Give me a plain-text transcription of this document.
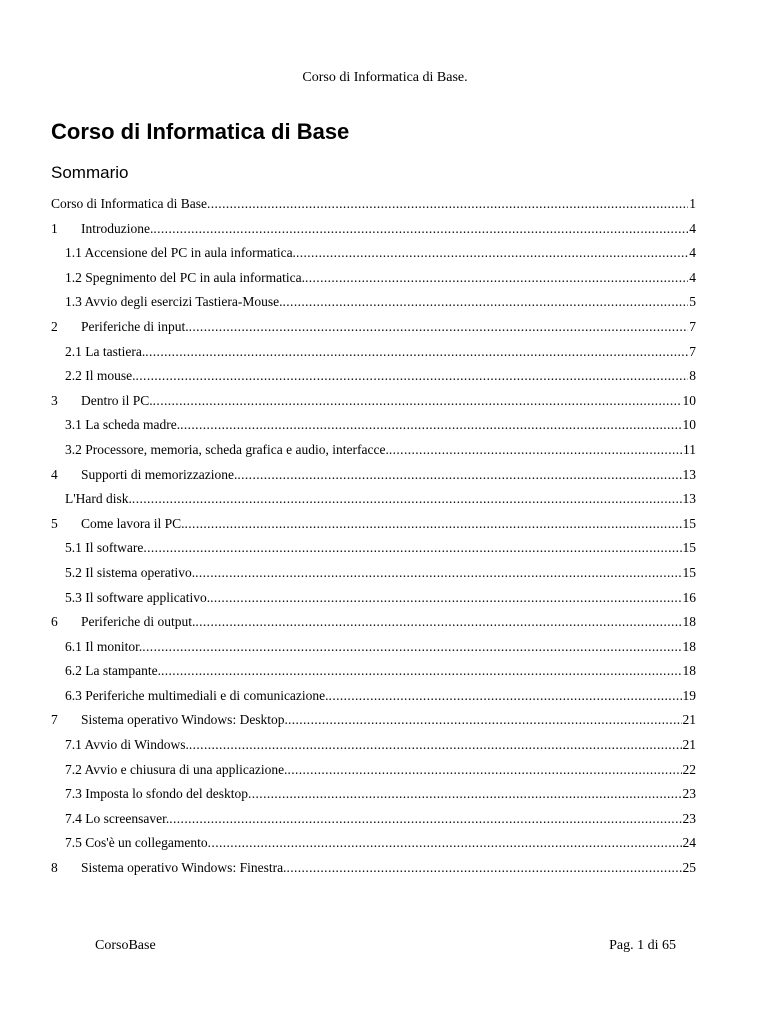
Corso di Informatica di Base.
Corso di Informatica di Base
Sommario
Corso di Informatica di Base .....	1
1	Introduzione. .....	4
1.1 Accensione del PC in aula informatica. .....	4
1.2 Spegnimento del PC in aula informatica. .....	4
1.3 Avvio degli esercizi Tastiera-Mouse. .....	5
2	Periferiche di input. .....	7
2.1 La tastiera. .....	7
2.2 Il mouse. .....	8
3	Dentro il PC. .....	10
3.1 La scheda madre. .....	10
3.2 Processore, memoria, scheda grafica e audio, interfacce. .....	11
4	Supporti di memorizzazione. .....	13
L'Hard disk. .....	13
5	Come lavora il PC. .....	15
5.1 Il software .....	15
5.2 Il sistema operativo. .....	15
5.3 Il software applicativo. .....	16
6	Periferiche di output. .....	18
6.1 Il monitor. .....	18
6.2 La stampante. .....	18
6.3 Periferiche multimediali e di comunicazione. .....	19
7	Sistema operativo Windows: Desktop. .....	21
7.1 Avvio di Windows. .....	21
7.2 Avvio e chiusura di una applicazione. .....	22
7.3 Imposta lo sfondo del desktop .....	23
7.4 Lo screensaver. .....	23
7.5 Cos'è un collegamento .....	24
8	Sistema operativo Windows: Finestra. .....	25
CorsoBase	Pag. 1 di 65
